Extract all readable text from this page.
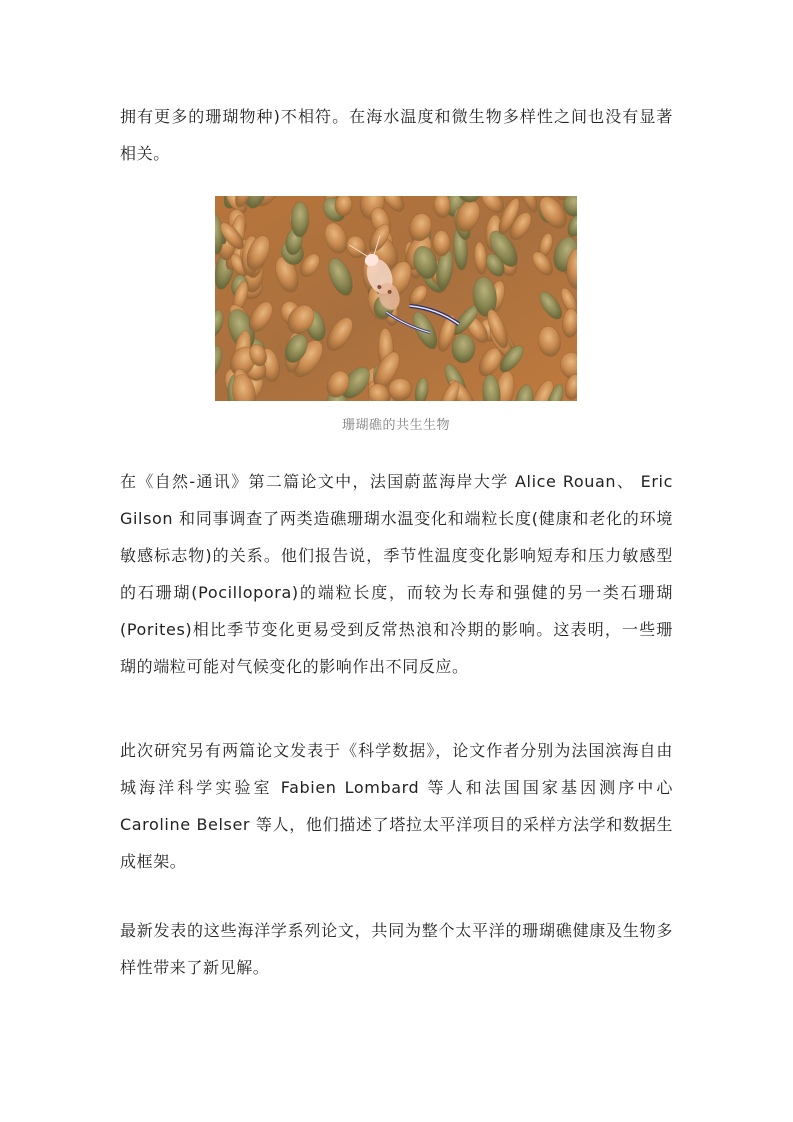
拥有更多的珊瑚物种)不相符。在海水温度和微生物多样性之间也没有显著相关。

珊瑚礁的共生生物

在《自然-通讯》第二篇论文中，法国蔚蓝海岸大学 Alice Rouan、 Eric Gilson 和同事调查了两类造礁珊瑚水温变化和端粒长度(健康和老化的环境敏感标志物)的关系。他们报告说，季节性温度变化影响短寿和压力敏感型的石珊瑚(Pocillopora)的端粒长度，而较为长寿和强健的另一类石珊瑚(Porites)相比季节变化更易受到反常热浪和冷期的影响。这表明，一些珊瑚的端粒可能对气候变化的影响作出不同反应。

此次研究另有两篇论文发表于《科学数据》，论文作者分别为法国滨海自由城海洋科学实验室 Fabien Lombard 等人和法国国家基因测序中心 Caroline Belser 等人，他们描述了塔拉太平洋项目的采样方法学和数据生成框架。

最新发表的这些海洋学系列论文，共同为整个太平洋的珊瑚礁健康及生物多样性带来了新见解。
